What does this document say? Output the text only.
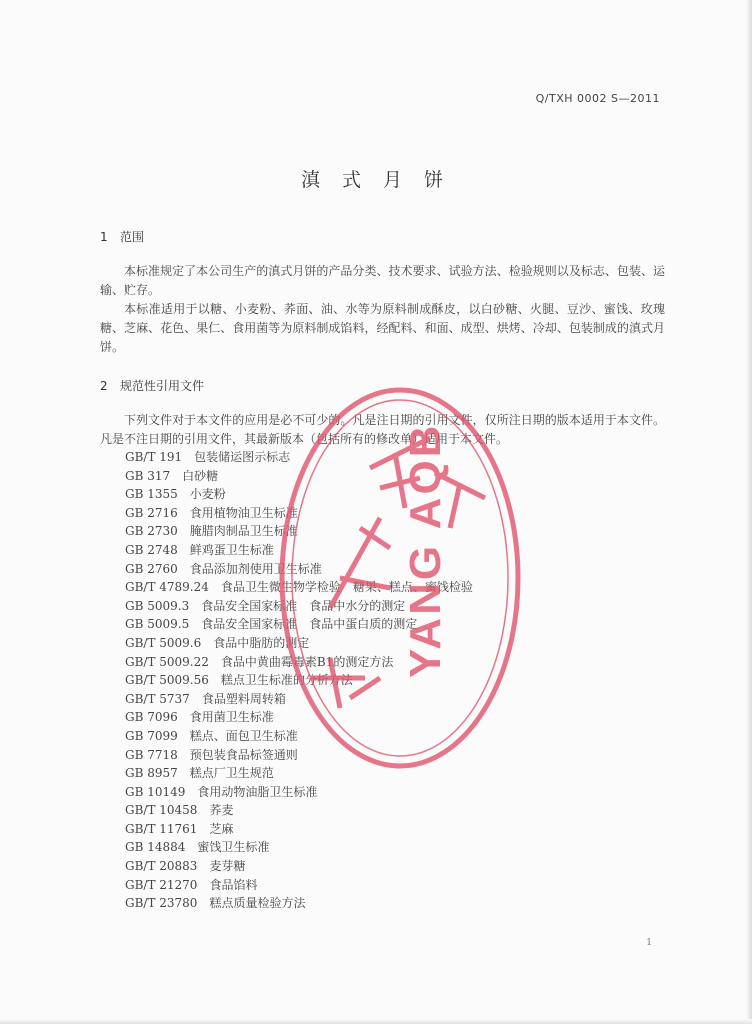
Q/TXH 0002 S—2011
滇 式 月 饼
1 范围

本标准规定了本公司生产的滇式月饼的产品分类、技术要求、试验方法、检验规则以及标志、包装、运输、贮存。

本标准适用于以糖、小麦粉、荞面、油、水等为原料制成酥皮，以白砂糖、火腿、豆沙、蜜饯、玫瑰糖、芝麻、花色、果仁、食用菌等为原料制成馅料，经配料、和面、成型、烘烤、冷却、包装制成的滇式月饼。

2 规范性引用文件

下列文件对于本文件的应用是必不可少的。凡是注日期的引用文件，仅所注日期的版本适用于本文件。凡是不注日期的引用文件，其最新版本（包括所有的修改单）适用于本文件。

GB/T 191 包装储运图示标志
GB 317 白砂糖
GB 1355 小麦粉
GB 2716 食用植物油卫生标准
GB 2730 腌腊肉制品卫生标准
GB 2748 鲜鸡蛋卫生标准
GB 2760 食品添加剂使用卫生标准
GB/T 4789.24 食品卫生微生物学检验　糖果、糕点、蜜饯检验
GB 5009.3 食品安全国家标准　食品中水分的测定
GB 5009.5 食品安全国家标准　食品中蛋白质的测定
GB/T 5009.6 食品中脂肪的测定
GB/T 5009.22 食品中黄曲霉毒素B1的测定方法
GB/T 5009.56 糕点卫生标准的分析方法
GB/T 5737 食品塑料周转箱
GB 7096 食用菌卫生标准
GB 7099 糕点、面包卫生标准
GB 7718 预包装食品标签通则
GB 8957 糕点厂卫生规范
GB 10149 食用动物油脂卫生标准
GB/T 10458 荞麦
GB/T 11761 芝麻
GB 14884 蜜饯卫生标准
GB/T 20883 麦芽糖
GB/T 21270 食品馅料
GB/T 23780 糕点质量检验方法
YANG AQB
1
